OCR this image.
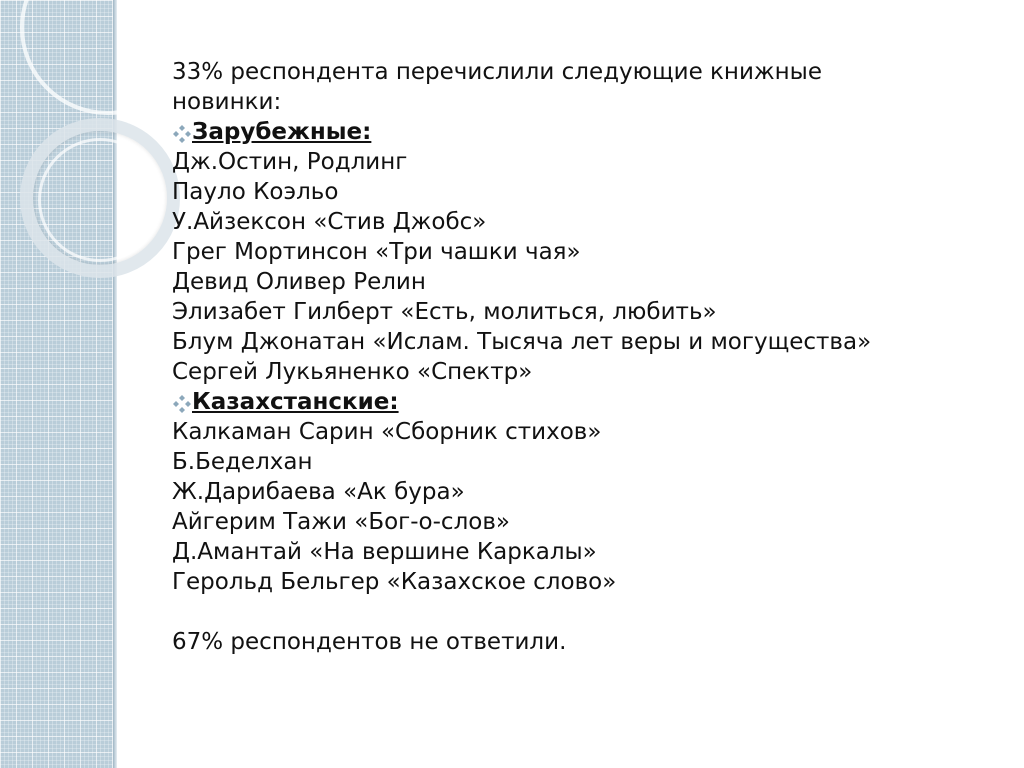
33% респондента перечислили следующие книжные новинки:
Зарубежные:
Дж.Остин, Родлинг
Пауло Коэльо
У.Айзексон «Стив Джобс»
Грег Мортинсон «Три чашки чая»
Девид Оливер Релин
Элизабет Гилберт «Есть, молиться, любить»
Блум Джонатан «Ислам. Тысяча лет веры и могущества»
Сергей Лукьяненко «Спектр»
Казахстанские:
Калкаман Сарин «Сборник стихов»
Б.Беделхан
Ж.Дарибаева «Ак бура»
Айгерим Тажи «Бог-о-слов»
Д.Амантай «На вершине Каркалы»
Герольд Бельгер «Казахское слово»
67% респондентов не ответили.
